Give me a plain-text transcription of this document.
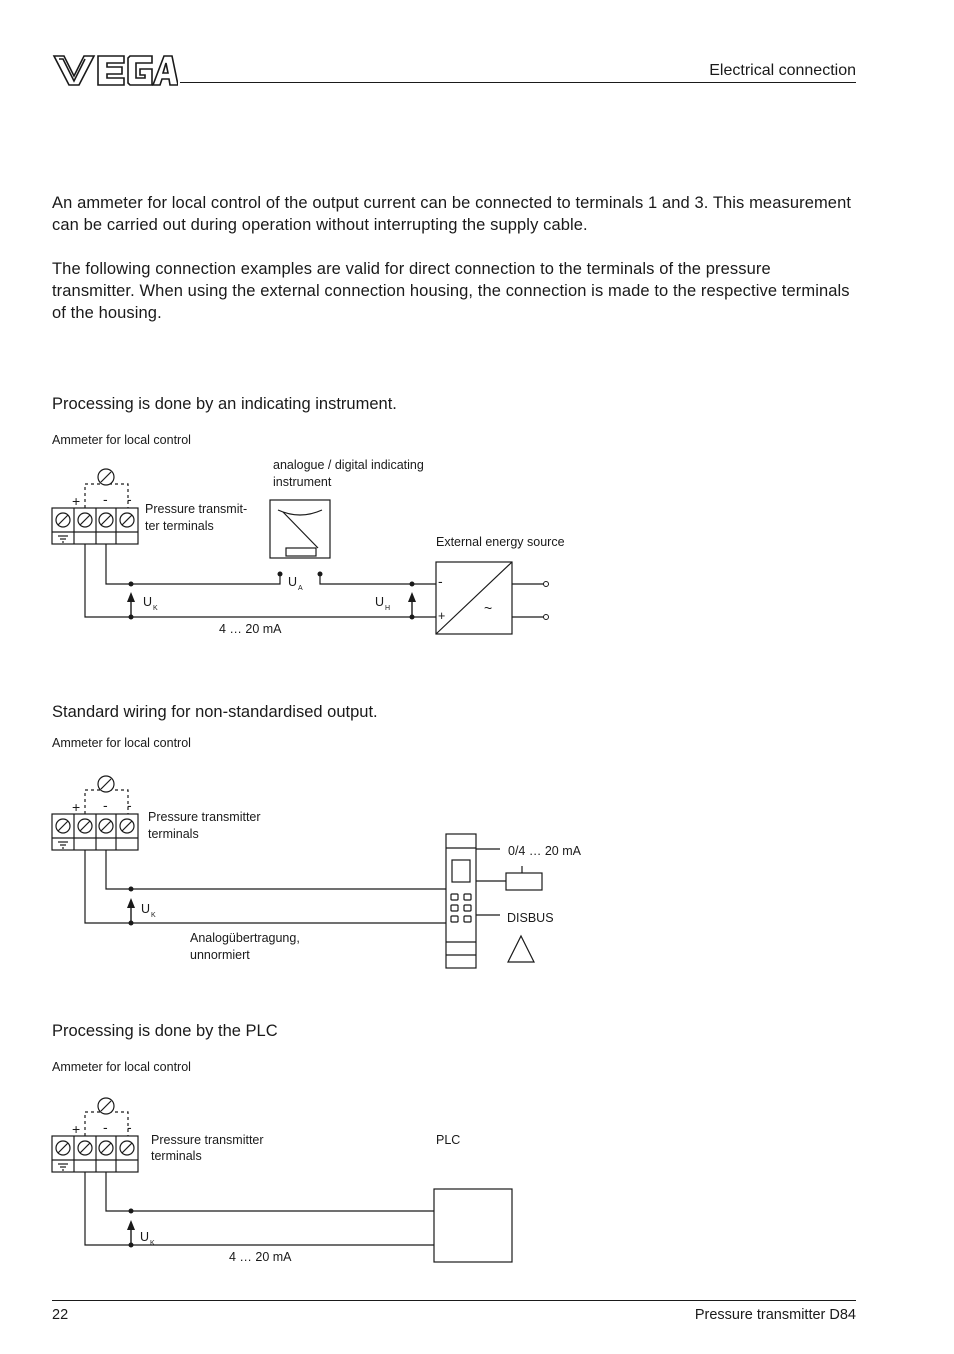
Electrical connection
An ammeter for local control of the output current can be connected to terminals 1 and 3. This measurement can be carried out during operation without interrupting the supply cable.
The following connection examples are valid for direct connection to the terminals of the pressure transmitter. When using the external connection housing, the connection is made to the respective terminals of the housing.
Processing is done by an indicating instrument.
Ammeter for local control
+ - -
Pressure transmit-
ter terminals
analogue / digital indicating
instrument
External energy source
U K
U A
U H
4 … 20 mA
-
+	~
Standard wiring for non-standardised output.
Ammeter for local control
+ - -
Pressure transmitter
terminals
U K
Analogübertragung,
unnormiert
0/4 … 20 mA
DISBUS
Processing is done by the PLC
Ammeter for local control
+ - -
Pressure transmitter
terminals
PLC
U K
4 … 20 mA
22	Pressure transmitter D84
